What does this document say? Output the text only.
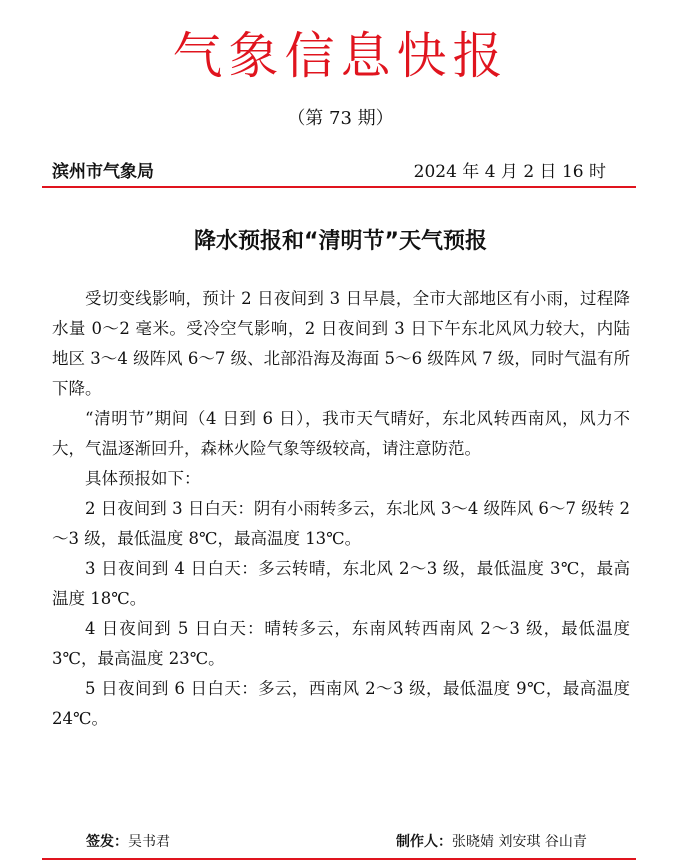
气象信息快报
（第 73 期）
滨州市气象局	2024 年 4 月 2 日 16 时
降水预报和“清明节”天气预报

受切变线影响，预计 2 日夜间到 3 日早晨，全市大部地区有小雨，过程降水量 0～2 毫米。受冷空气影响，2 日夜间到 3 日下午东北风风力较大，内陆地区 3～4 级阵风 6～7 级、北部沿海及海面 5～6 级阵风 7 级，同时气温有所下降。

“清明节”期间（4 日到 6 日），我市天气晴好，东北风转西南风，风力不大，气温逐渐回升，森林火险气象等级较高，请注意防范。

具体预报如下：

2 日夜间到 3 日白天：阴有小雨转多云，东北风 3～4 级阵风 6～7 级转 2～3 级，最低温度 8℃，最高温度 13℃。

3 日夜间到 4 日白天：多云转晴，东北风 2～3 级，最低温度 3℃，最高温度 18℃。

4 日夜间到 5 日白天：晴转多云，东南风转西南风 2～3 级，最低温度 3℃，最高温度 23℃。

5 日夜间到 6 日白天：多云，西南风 2～3 级，最低温度 9℃，最高温度 24℃。

签发：吴书君	制作人：张晓婧 刘安琪 谷山青
